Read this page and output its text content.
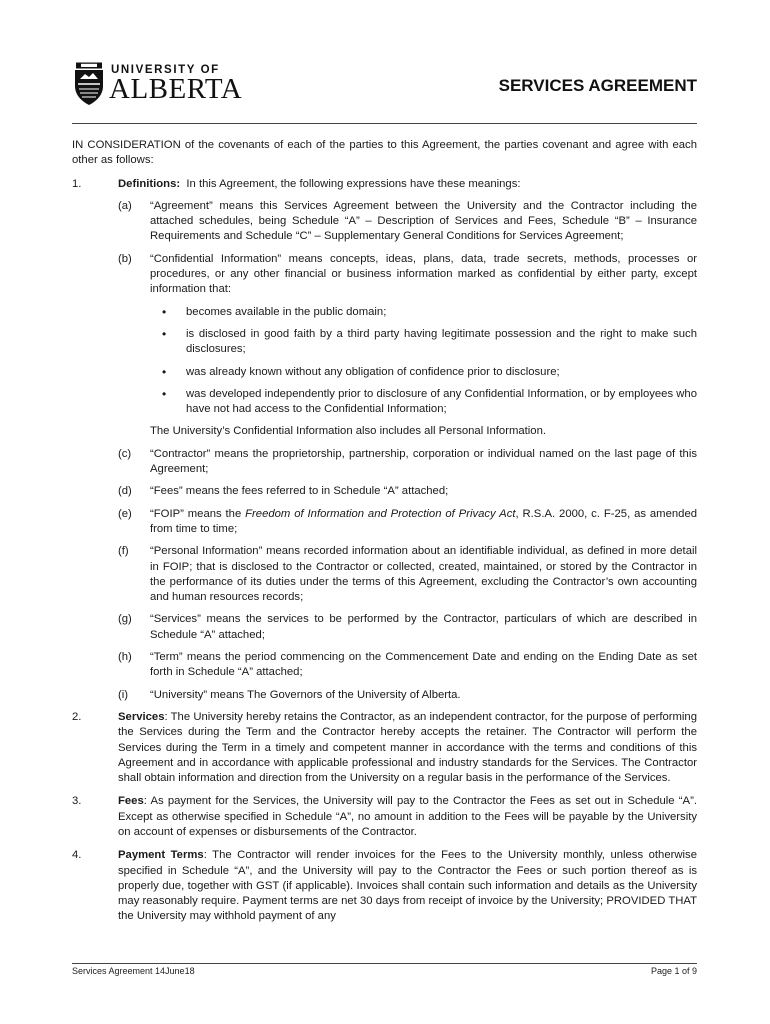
UNIVERSITY OF
ALBERTA	SERVICES AGREEMENT

IN CONSIDERATION of the covenants of each of the parties to this Agreement, the parties covenant and agree with each other as follows:

1.	Definitions: In this Agreement, the following expressions have these meanings:
(a)	“Agreement” means this Services Agreement between the University and the Contractor including the attached schedules, being Schedule “A” – Description of Services and Fees, Schedule “B” – Insurance Requirements and Schedule “C” – Supplementary General Conditions for Services Agreement;
(b)	“Confidential Information” means concepts, ideas, plans, data, trade secrets, methods, processes or procedures, or any other financial or business information marked as confidential by either party, except information that:
•	becomes available in the public domain;
•	is disclosed in good faith by a third party having legitimate possession and the right to make such disclosures;
•	was already known without any obligation of confidence prior to disclosure;
•	was developed independently prior to disclosure of any Confidential Information, or by employees who have not had access to the Confidential Information;

The University’s Confidential Information also includes all Personal Information.

(c)	“Contractor” means the proprietorship, partnership, corporation or individual named on the last page of this Agreement;
(d)	“Fees” means the fees referred to in Schedule “A” attached;
(e)	“FOIP” means the Freedom of Information and Protection of Privacy Act, R.S.A. 2000, c. F-25, as amended from time to time;
(f)	“Personal Information” means recorded information about an identifiable individual, as defined in more detail in FOIP; that is disclosed to the Contractor or collected, created, maintained, or stored by the Contractor in the performance of its duties under the terms of this Agreement, excluding the Contractor’s own accounting and human resources records;
(g)	“Services” means the services to be performed by the Contractor, particulars of which are described in Schedule “A” attached;
(h)	“Term” means the period commencing on the Commencement Date and ending on the Ending Date as set forth in Schedule “A” attached;
(i)	“University” means The Governors of the University of Alberta.
2.	Services: The University hereby retains the Contractor, as an independent contractor, for the purpose of performing the Services during the Term and the Contractor hereby accepts the retainer. The Contractor will perform the Services during the Term in a timely and competent manner in accordance with the terms and conditions of this Agreement and in accordance with applicable professional and industry standards for the Services. The Contractor shall obtain information and direction from the University on a regular basis in the performance of the Services.
3.	Fees: As payment for the Services, the University will pay to the Contractor the Fees as set out in Schedule “A”. Except as otherwise specified in Schedule “A”, no amount in addition to the Fees will be payable by the University on account of expenses or disbursements of the Contractor.
4.	Payment Terms: The Contractor will render invoices for the Fees to the University monthly, unless otherwise specified in Schedule “A”, and the University will pay to the Contractor the Fees or such portion thereof as is properly due, together with GST (if applicable). Invoices shall contain such information and details as the University may reasonably require. Payment terms are net 30 days from receipt of invoice by the University; PROVIDED THAT the University may withhold payment of any
Services Agreement 14June18	Page 1 of 9
